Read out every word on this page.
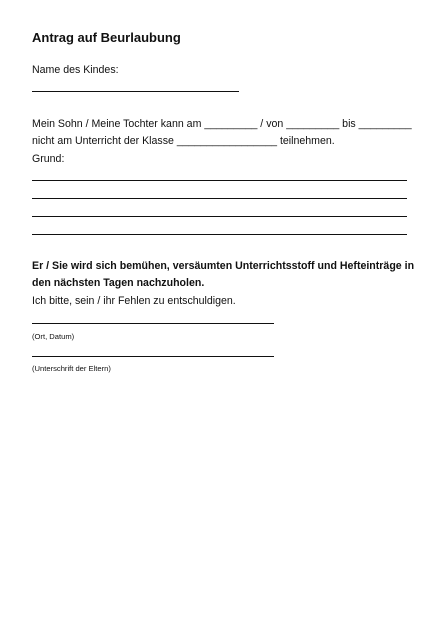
Antrag auf Beurlaubung
Name des Kindes:
Mein Sohn / Meine Tochter kann am _________ / von _________ bis _________
nicht am Unterricht der Klasse _________________ teilnehmen.
Grund:
Er / Sie wird sich bemühen, versäumten Unterrichtsstoff und Hefteinträge in
den nächsten Tagen nachzuholen.
Ich bitte, sein / ihr Fehlen zu entschuldigen.
(Ort, Datum)
(Unterschrift der Eltern)
